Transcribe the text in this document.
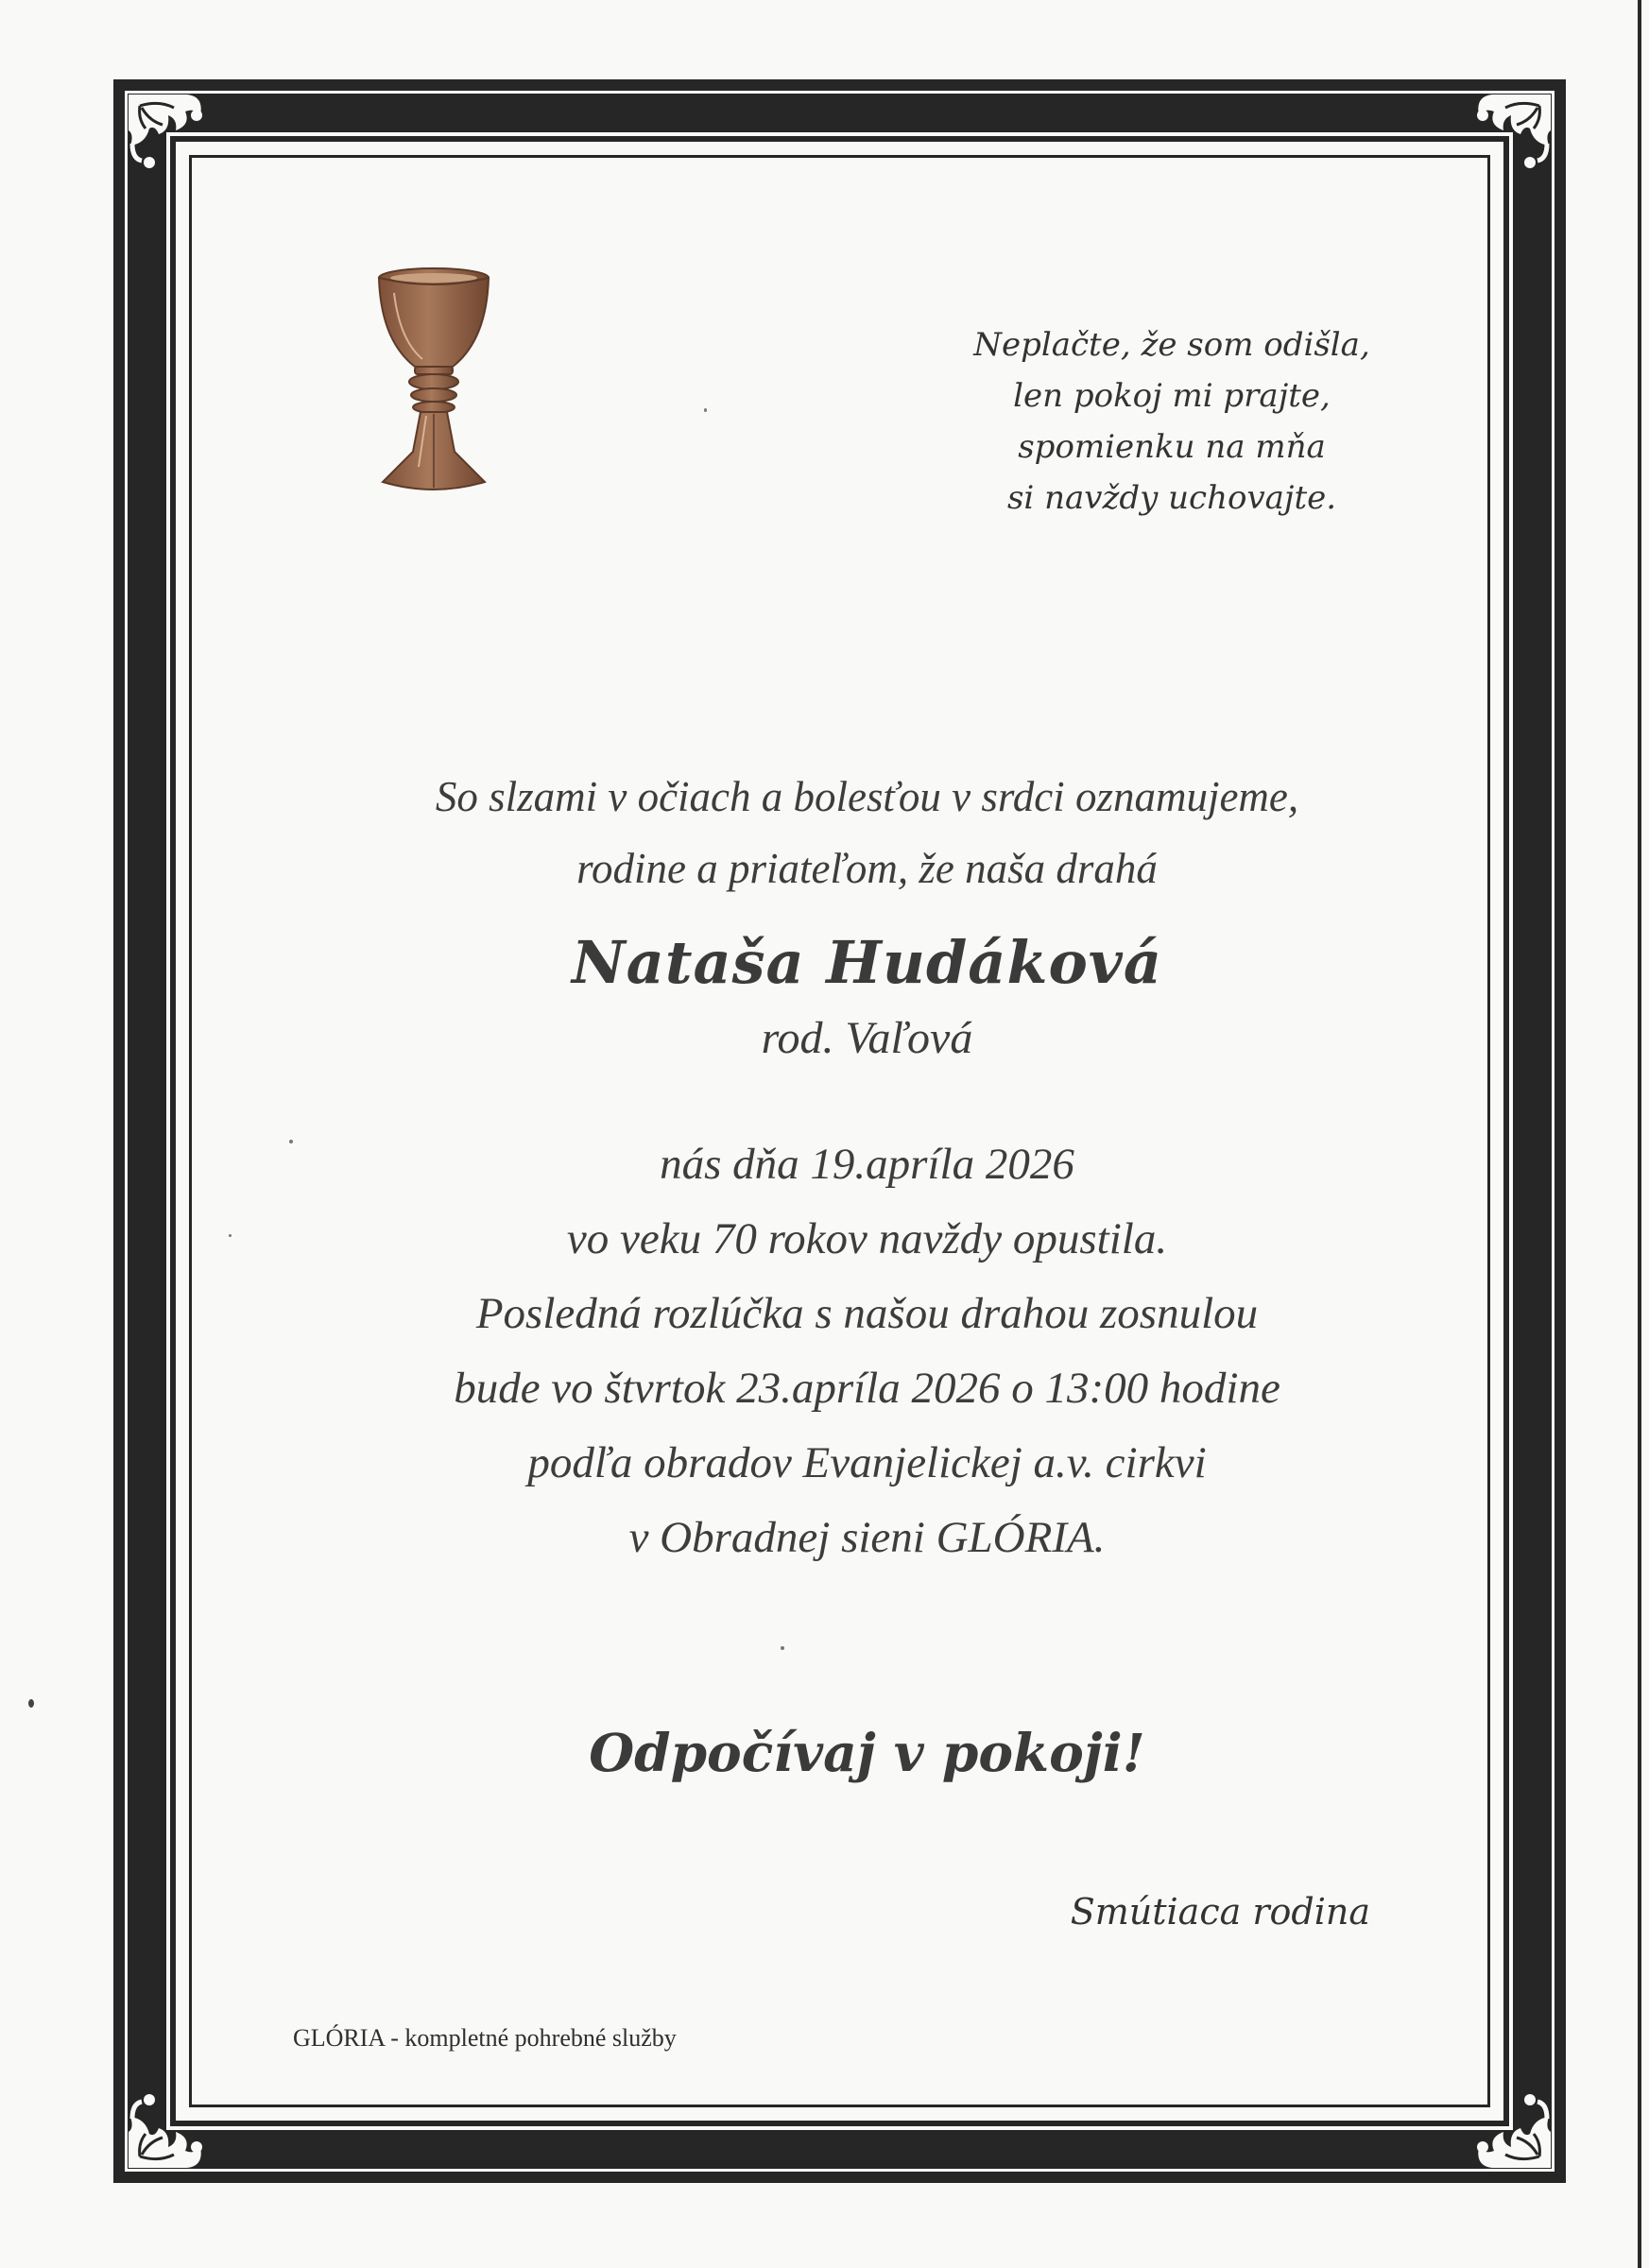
Neplačte, že som odišla,
len pokoj mi prajte,
spomienku na mňa
si navždy uchovajte.
So slzami v očiach a bolesťou v srdci oznamujeme,
rodine a priateľom, že naša drahá
Nataša Hudáková
rod. Vaľová
nás dňa 19.apríla 2026
vo veku 70 rokov navždy opustila.
Posledná rozlúčka s našou drahou zosnulou
bude vo štvrtok 23.apríla 2026 o 13:00 hodine
podľa obradov Evanjelickej a.v. cirkvi
v Obradnej sieni GLÓRIA.
Odpočívaj v pokoji!
Smútiaca rodina
GLÓRIA - kompletné pohrebné služby
